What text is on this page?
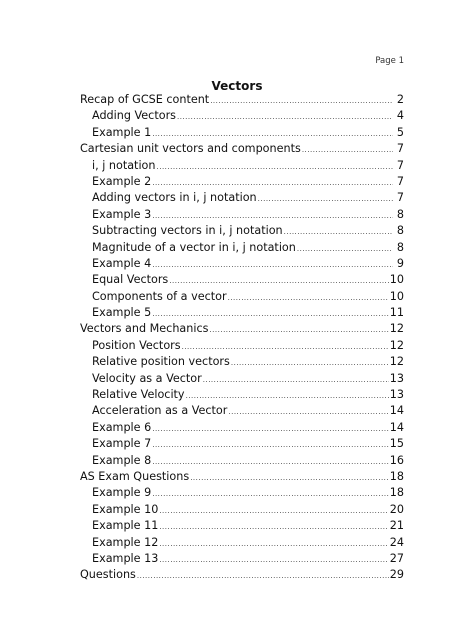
Page 1
Vectors
Recap of GCSE content .....	2
Adding Vectors .....	4
Example 1 .....	5
Cartesian unit vectors and components .....	7
i, j notation .....	7
Example 2 .....	7
Adding vectors in i, j notation .....	7
Example 3 .....	8
Subtracting vectors in i, j notation .....	8
Magnitude of a vector in i, j notation .....	8
Example 4 .....	9
Equal Vectors .....	10
Components of a vector .....	10
Example 5 .....	11
Vectors and Mechanics .....	12
Position Vectors .....	12
Relative position vectors .....	12
Velocity as a Vector .....	13
Relative Velocity .....	13
Acceleration as a Vector .....	14
Example 6 .....	14
Example 7 .....	15
Example 8 .....	16
AS Exam Questions .....	18
Example 9 .....	18
Example 10 .....	20
Example 11 .....	21
Example 12 .....	24
Example 13 .....	27
Questions .....	29
